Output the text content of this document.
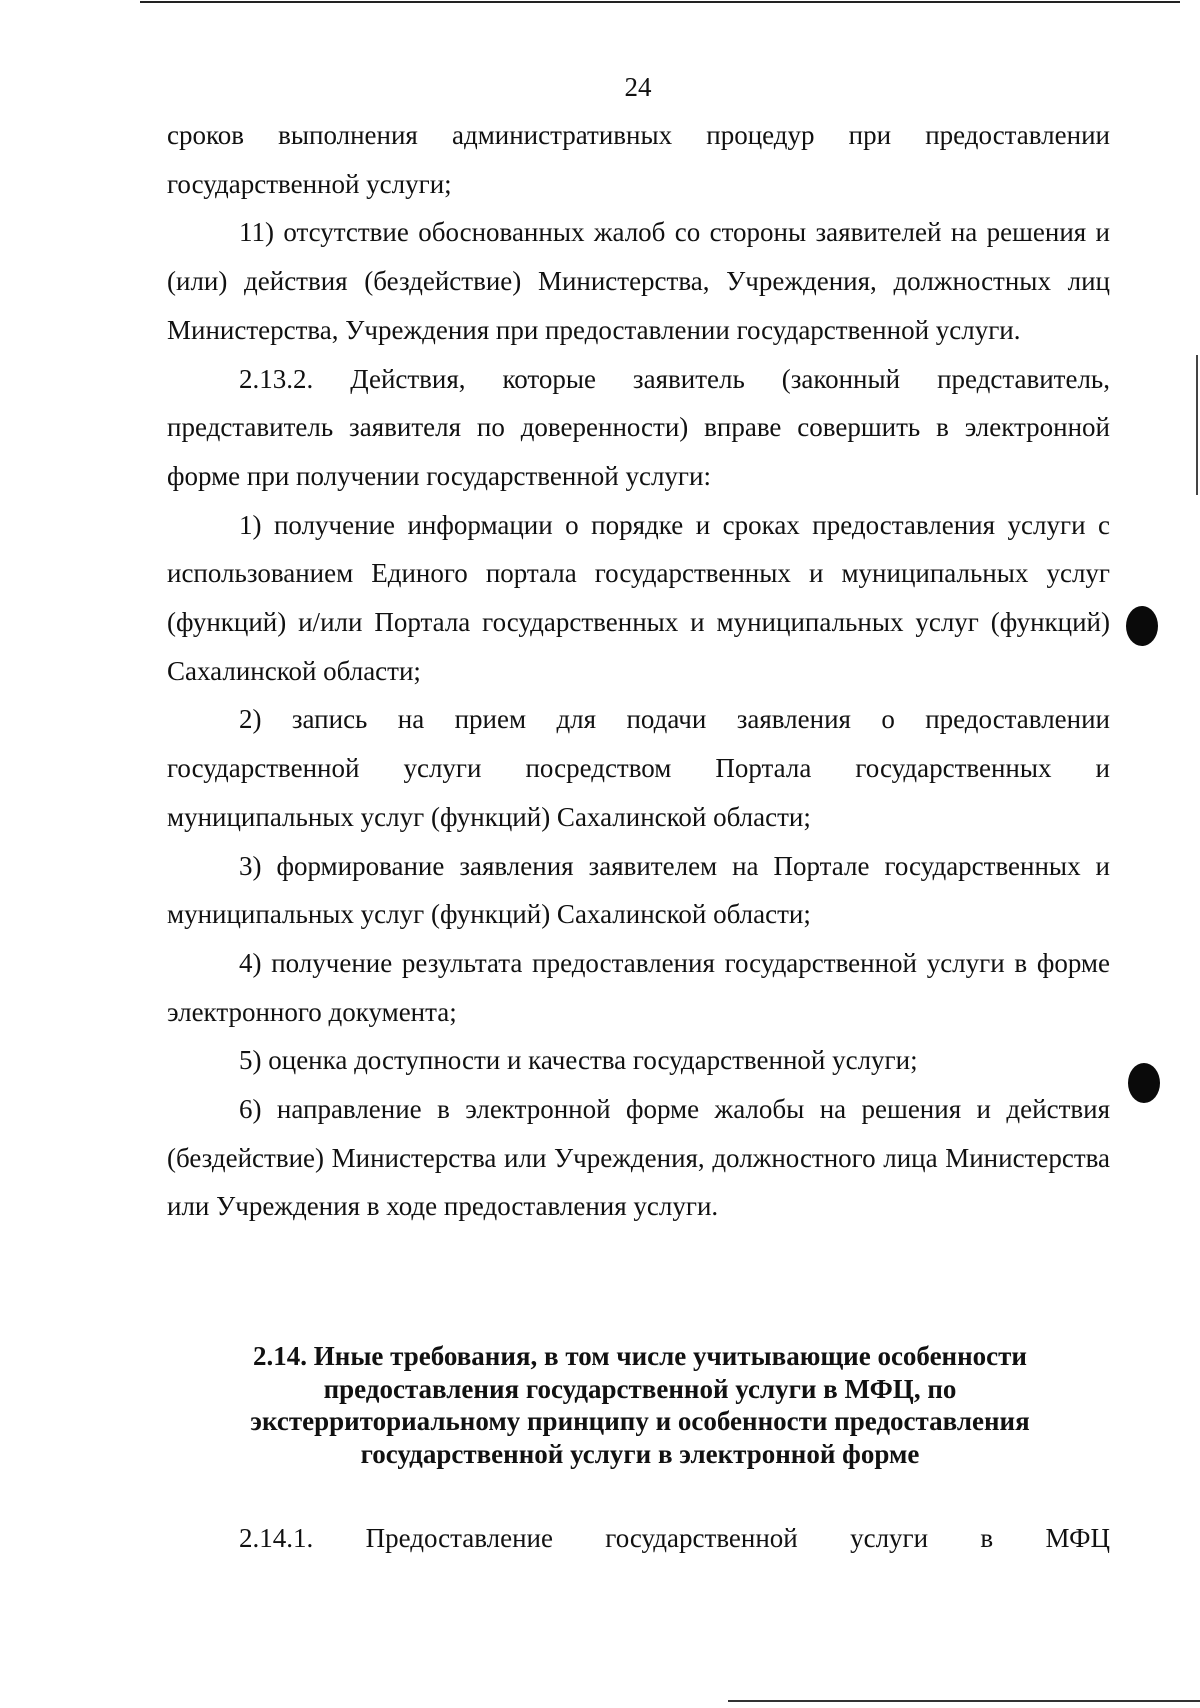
24

сроков выполнения административных процедур при предоставлении государственной услуги;

11) отсутствие обоснованных жалоб со стороны заявителей на решения и (или) действия (бездействие) Министерства, Учреждения, должностных лиц Министерства, Учреждения при предоставлении государственной услуги.

2.13.2. Действия, которые заявитель (законный представитель, представитель заявителя по доверенности) вправе совершить в электронной форме при получении государственной услуги:

1) получение информации о порядке и сроках предоставления услуги с использованием Единого портала государственных и муниципальных услуг (функций) и/или Портала государственных и муниципальных услуг (функций) Сахалинской области;

2) запись на прием для подачи заявления о предоставлении государственной услуги посредством Портала государственных и муниципальных услуг (функций) Сахалинской области;

3) формирование заявления заявителем на Портале государственных и муниципальных услуг (функций) Сахалинской области;

4) получение результата предоставления государственной услуги в форме электронного документа;

5) оценка доступности и качества государственной услуги;

6) направление в электронной форме жалобы на решения и действия (бездействие) Министерства или Учреждения, должностного лица Министерства или Учреждения в ходе предоставления услуги.

2.14. Иные требования, в том числе учитывающие особенности
предоставления государственной услуги в МФЦ, по
экстерриториальному принципу и особенности предоставления
государственной услуги в электронной форме
2.14.1. Предоставление государственной услуги в МФЦ
